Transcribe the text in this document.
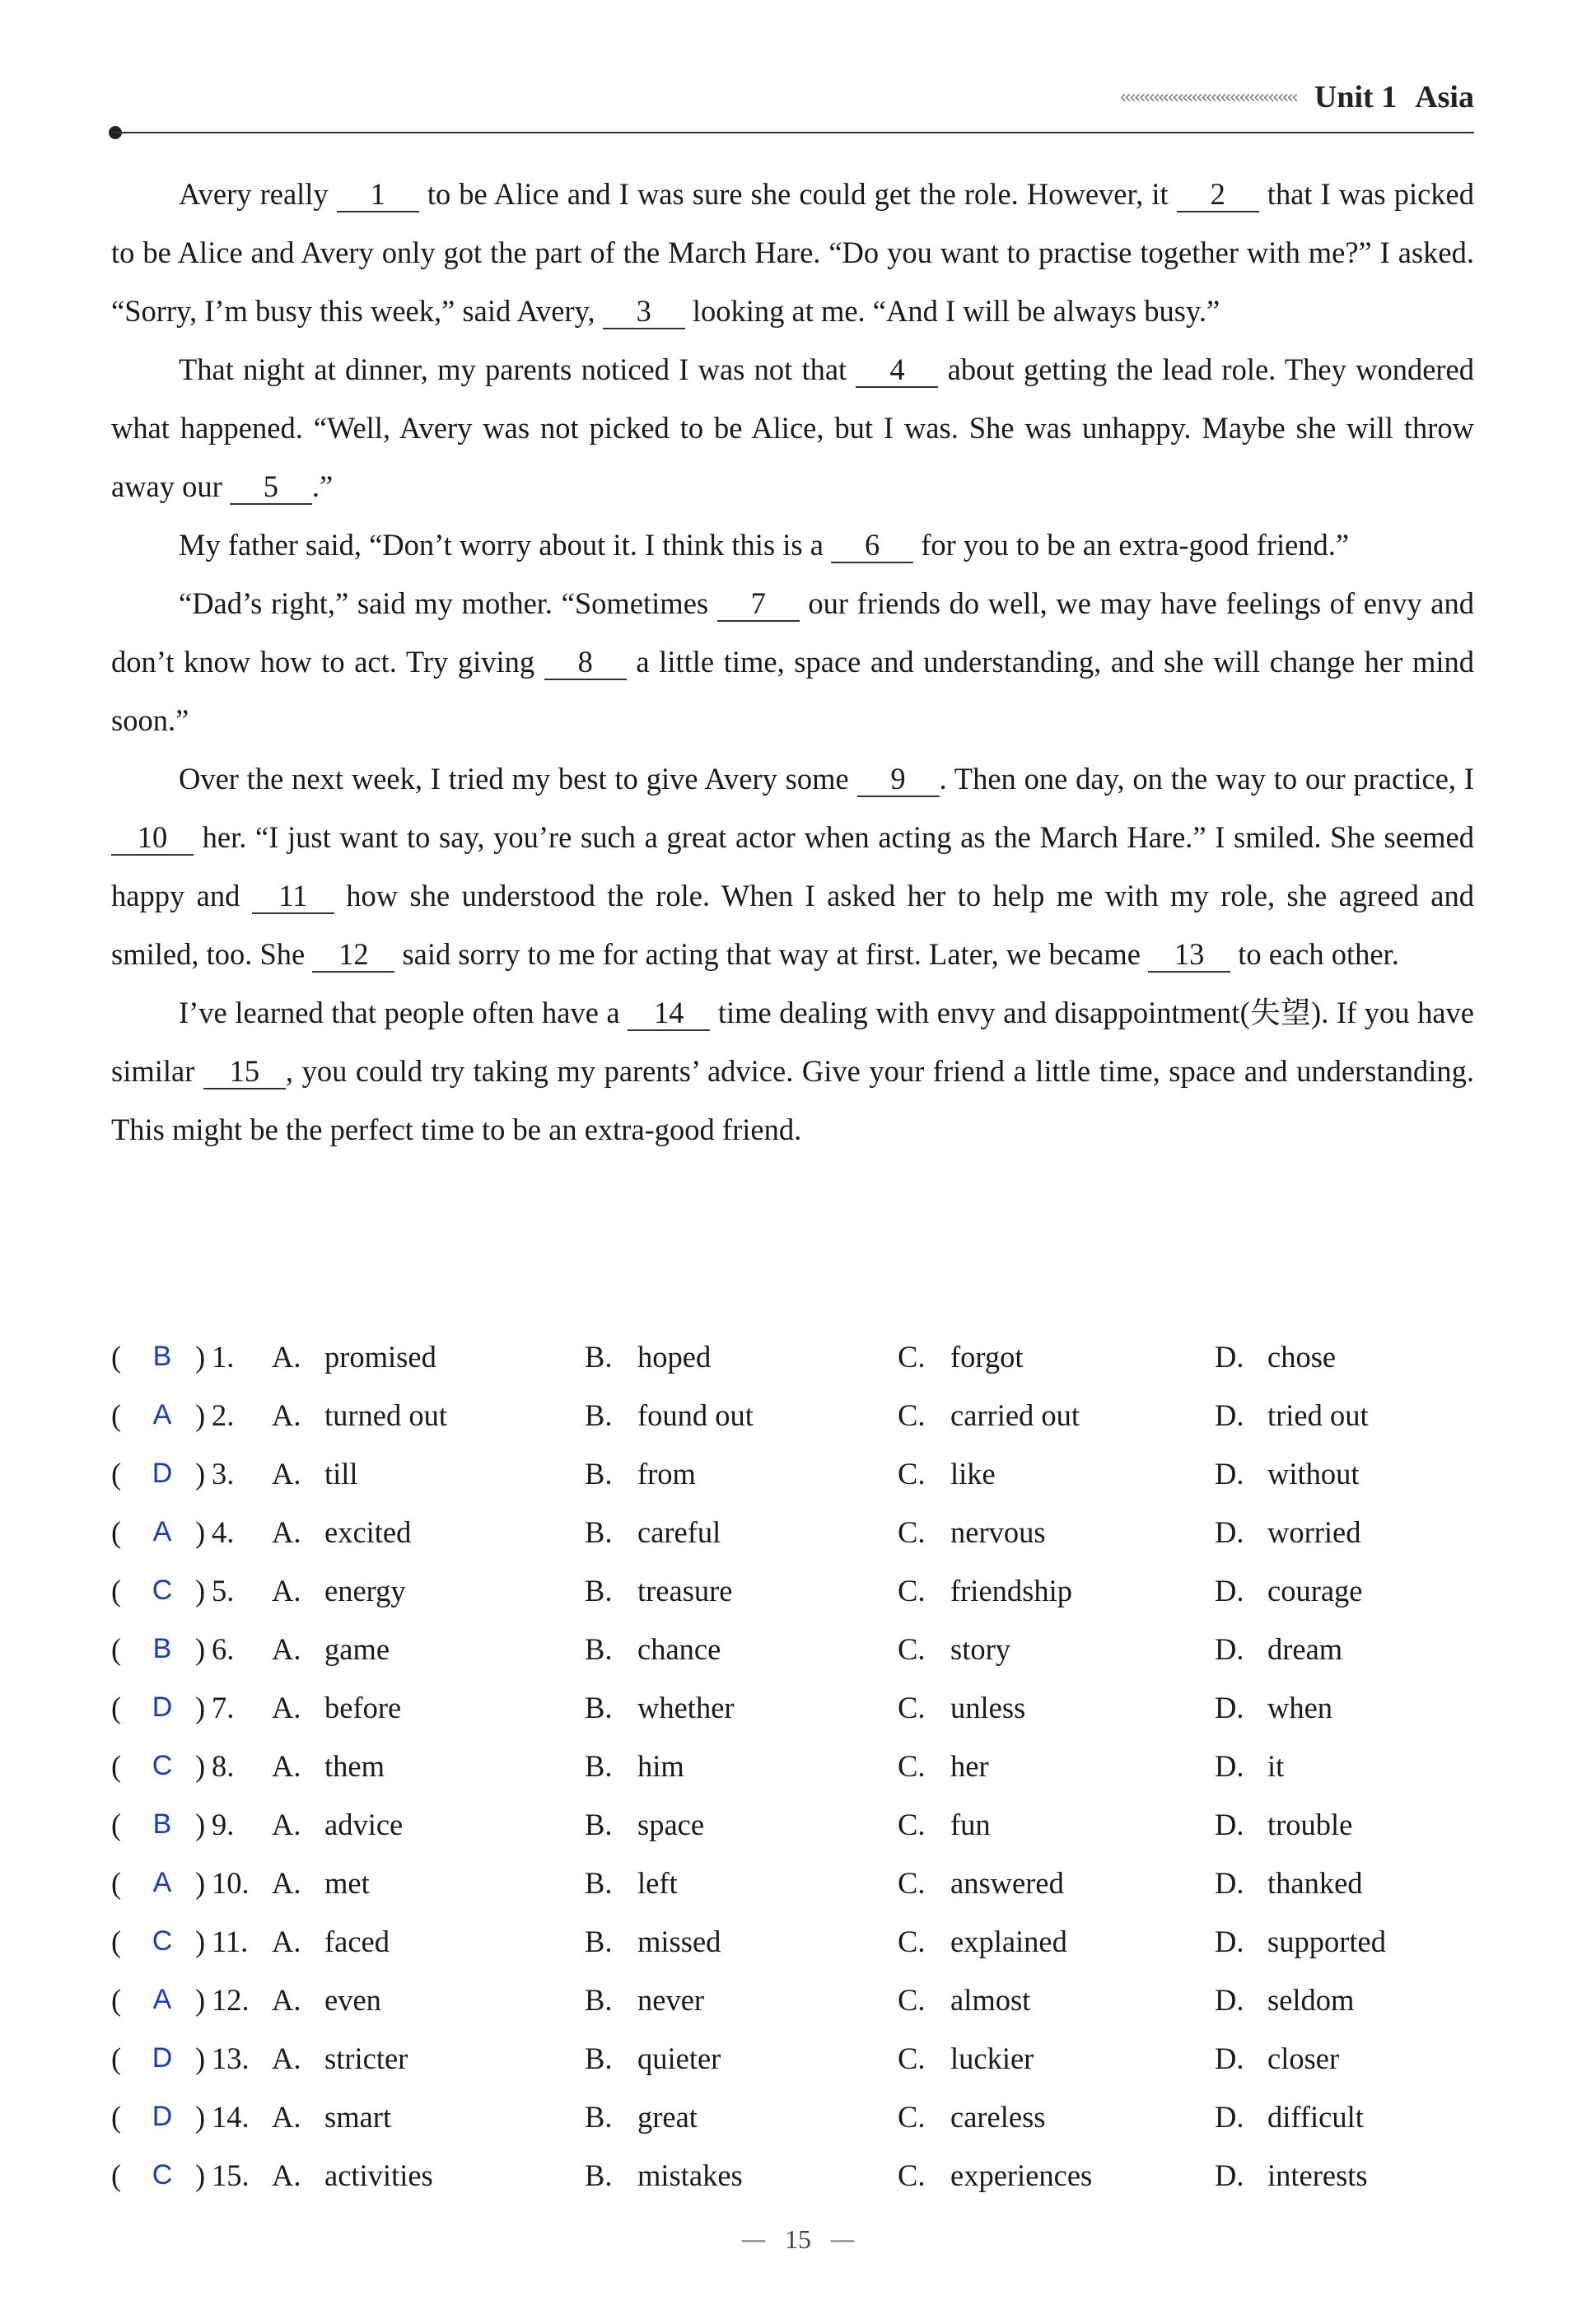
‹‹‹‹‹‹‹‹‹‹‹‹‹‹‹‹‹‹‹‹‹‹‹‹‹‹‹‹‹‹‹‹‹‹‹‹‹ Unit 1 Asia

Avery really 1 to be Alice and I was sure she could get the role. However, it 2 that I was picked to be Alice and Avery only got the part of the March Hare. “Do you want to practise together with me?” I asked. “Sorry, I’m busy this week,” said Avery, 3 looking at me. “And I will be always busy.”

That night at dinner, my parents noticed I was not that 4 about getting the lead role. They wondered what happened. “Well, Avery was not picked to be Alice, but I was. She was unhappy. Maybe she will throw away our 5 .”

My father said, “Don’t worry about it. I think this is a 6 for you to be an extra-good friend.”

“Dad’s right,” said my mother. “Sometimes 7 our friends do well, we may have feelings of envy and don’t know how to act. Try giving 8 a little time, space and understanding, and she will change her mind soon.”

Over the next week, I tried my best to give Avery some 9 . Then one day, on the way to our practice, I 10 her. “I just want to say, you’re such a great actor when acting as the March Hare.” I smiled. She seemed happy and 11 how she understood the role. When I asked her to help me with my role, she agreed and smiled, too. She 12 said sorry to me for acting that way at first. Later, we became 13 to each other.

I’ve learned that people often have a 14 time dealing with envy and disappointment(失望). If you have similar 15 , you could try taking my parents’ advice. Give your friend a little time, space and understanding. This might be the perfect time to be an extra-good friend.

( B ) 1. A. promised	B. hoped	C. forgot	D. chose
( A ) 2. A. turned out	B. found out	C. carried out	D. tried out
( D ) 3. A. till	B. from	C. like	D. without
( A ) 4. A. excited	B. careful	C. nervous	D. worried
( C ) 5. A. energy	B. treasure	C. friendship	D. courage
( B ) 6. A. game	B. chance	C. story	D. dream
( D ) 7. A. before	B. whether	C. unless	D. when
( C ) 8. A. them	B. him	C. her	D. it
( B ) 9. A. advice	B. space	C. fun	D. trouble
( A ) 10. A. met	B. left	C. answered	D. thanked
( C ) 11. A. faced	B. missed	C. explained	D. supported
( A ) 12. A. even	B. never	C. almost	D. seldom
( D ) 13. A. stricter	B. quieter	C. luckier	D. closer
( D ) 14. A. smart	B. great	C. careless	D. difficult
( C ) 15. A. activities	B. mistakes	C. experiences	D. interests
— 15 —
